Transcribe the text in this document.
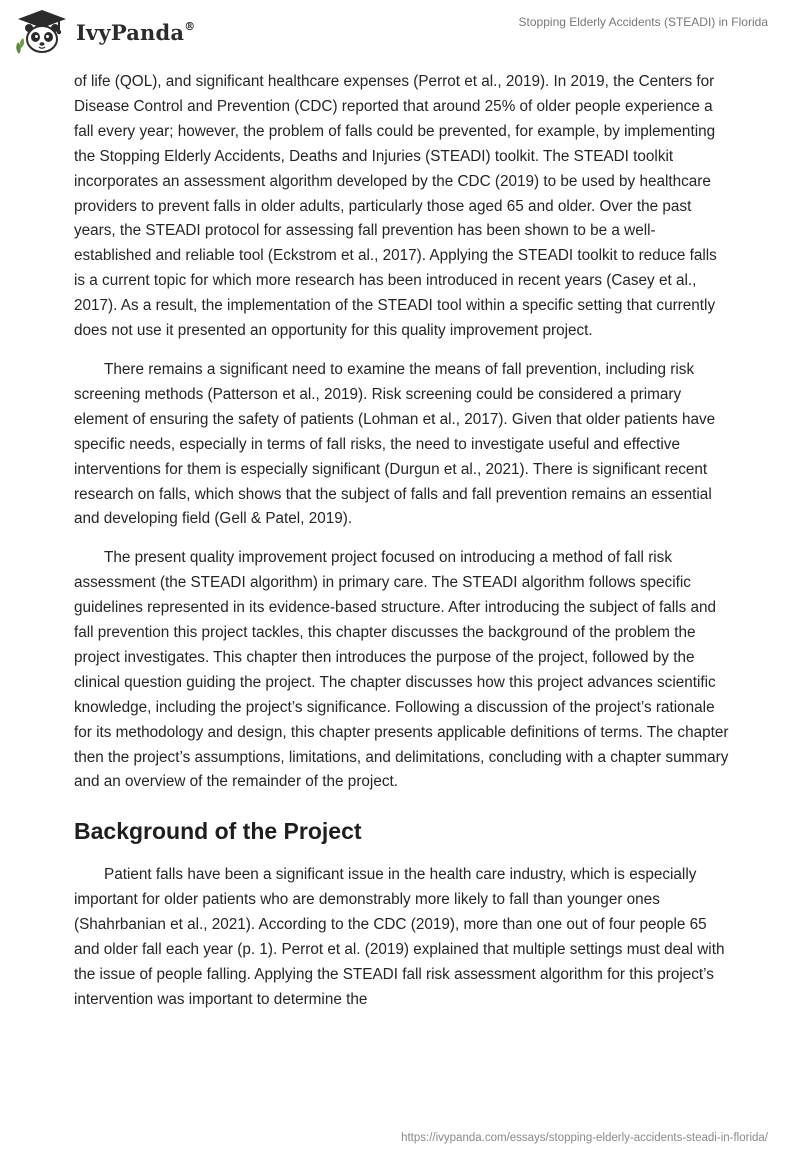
IvyPanda®	Stopping Elderly Accidents (STEADI) in Florida

of life (QOL), and significant healthcare expenses (Perrot et al., 2019). In 2019, the Centers for Disease Control and Prevention (CDC) reported that around 25% of older people experience a fall every year; however, the problem of falls could be prevented, for example, by implementing the Stopping Elderly Accidents, Deaths and Injuries (STEADI) toolkit. The STEADI toolkit incorporates an assessment algorithm developed by the CDC (2019) to be used by healthcare providers to prevent falls in older adults, particularly those aged 65 and older. Over the past years, the STEADI protocol for assessing fall prevention has been shown to be a well-established and reliable tool (Eckstrom et al., 2017). Applying the STEADI toolkit to reduce falls is a current topic for which more research has been introduced in recent years (Casey et al., 2017). As a result, the implementation of the STEADI tool within a specific setting that currently does not use it presented an opportunity for this quality improvement project.

There remains a significant need to examine the means of fall prevention, including risk screening methods (Patterson et al., 2019). Risk screening could be considered a primary element of ensuring the safety of patients (Lohman et al., 2017). Given that older patients have specific needs, especially in terms of fall risks, the need to investigate useful and effective interventions for them is especially significant (Durgun et al., 2021). There is significant recent research on falls, which shows that the subject of falls and fall prevention remains an essential and developing field (Gell & Patel, 2019).

The present quality improvement project focused on introducing a method of fall risk assessment (the STEADI algorithm) in primary care. The STEADI algorithm follows specific guidelines represented in its evidence-based structure. After introducing the subject of falls and fall prevention this project tackles, this chapter discusses the background of the problem the project investigates. This chapter then introduces the purpose of the project, followed by the clinical question guiding the project. The chapter discusses how this project advances scientific knowledge, including the project’s significance. Following a discussion of the project’s rationale for its methodology and design, this chapter presents applicable definitions of terms. The chapter then the project’s assumptions, limitations, and delimitations, concluding with a chapter summary and an overview of the remainder of the project.

Background of the Project

Patient falls have been a significant issue in the health care industry, which is especially important for older patients who are demonstrably more likely to fall than younger ones (Shahrbanian et al., 2021). According to the CDC (2019), more than one out of four people 65 and older fall each year (p. 1). Perrot et al. (2019) explained that multiple settings must deal with the issue of people falling. Applying the STEADI fall risk assessment algorithm for this project’s intervention was important to determine the

https://ivypanda.com/essays/stopping-elderly-accidents-steadi-in-florida/
